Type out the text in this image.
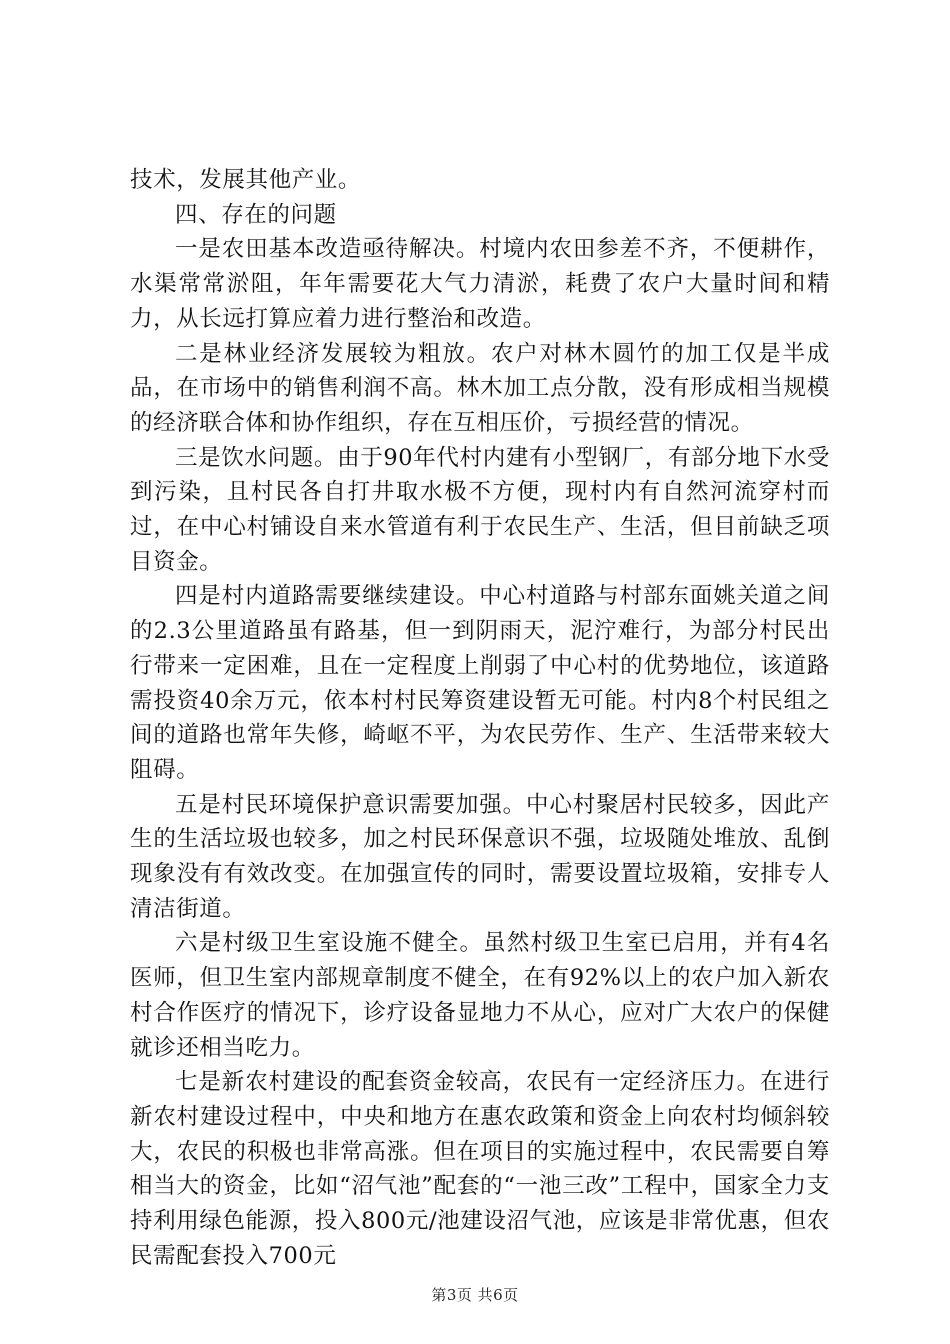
技术，发展其他产业。

四、存在的问题

一是农田基本改造亟待解决。村境内农田参差不齐，不便耕作，水渠常常淤阻，年年需要花大气力清淤，耗费了农户大量时间和精力，从长远打算应着力进行整治和改造。

二是林业经济发展较为粗放。农户对林木圆竹的加工仅是半成品，在市场中的销售利润不高。林木加工点分散，没有形成相当规模的经济联合体和协作组织，存在互相压价，亏损经营的情况。

三是饮水问题。由于90年代村内建有小型钢厂，有部分地下水受到污染，且村民各自打井取水极不方便，现村内有自然河流穿村而过，在中心村铺设自来水管道有利于农民生产、生活，但目前缺乏项目资金。

四是村内道路需要继续建设。中心村道路与村部东面姚关道之间的2.3公里道路虽有路基，但一到阴雨天，泥泞难行，为部分村民出行带来一定困难，且在一定程度上削弱了中心村的优势地位，该道路需投资40余万元，依本村村民筹资建设暂无可能。村内8个村民组之间的道路也常年失修，崎岖不平，为农民劳作、生产、生活带来较大阻碍。

五是村民环境保护意识需要加强。中心村聚居村民较多，因此产生的生活垃圾也较多，加之村民环保意识不强，垃圾随处堆放、乱倒现象没有有效改变。在加强宣传的同时，需要设置垃圾箱，安排专人清洁街道。

六是村级卫生室设施不健全。虽然村级卫生室已启用，并有4名医师，但卫生室内部规章制度不健全，在有92%以上的农户加入新农村合作医疗的情况下，诊疗设备显地力不从心，应对广大农户的保健就诊还相当吃力。

七是新农村建设的配套资金较高，农民有一定经济压力。在进行新农村建设过程中，中央和地方在惠农政策和资金上向农村均倾斜较大，农民的积极也非常高涨。但在项目的实施过程中，农民需要自筹相当大的资金，比如“沼气池”配套的“一池三改”工程中，国家全力支持利用绿色能源，投入800元/池建设沼气池，应该是非常优惠，但农民需配套投入700元

第3页 共6页
